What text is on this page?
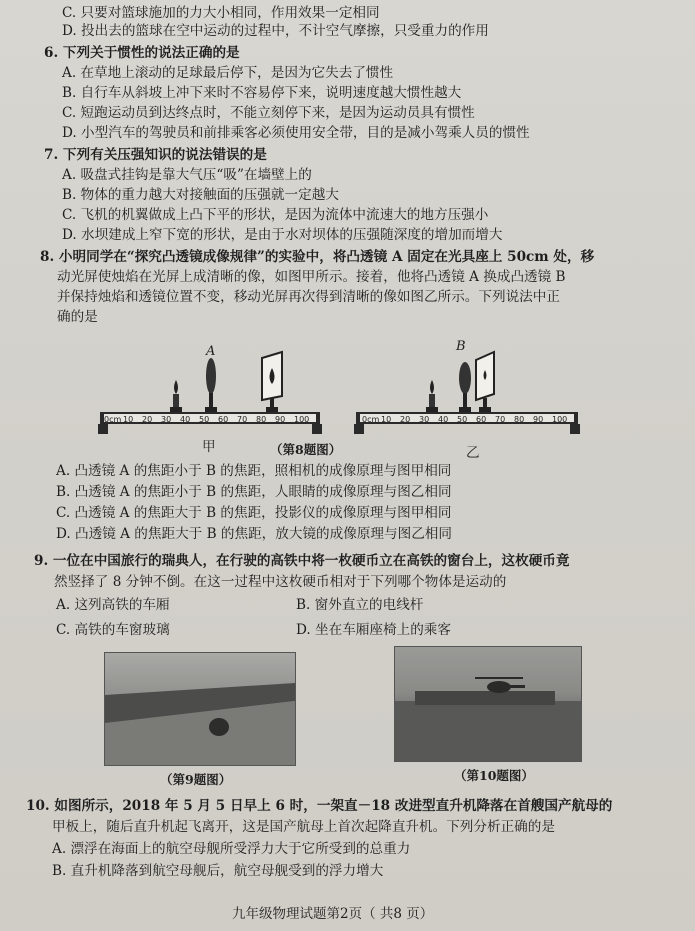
C. 只要对篮球施加的力大小相同，作用效果一定相同
D. 投出去的篮球在空中运动的过程中，不计空气摩擦，只受重力的作用
6. 下列关于惯性的说法正确的是
A. 在草地上滚动的足球最后停下，是因为它失去了惯性
B. 自行车从斜坡上冲下来时不容易停下来，说明速度越大惯性越大
C. 短跑运动员到达终点时，不能立刻停下来，是因为运动员具有惯性
D. 小型汽车的驾驶员和前排乘客必须使用安全带，目的是减小驾乘人员的惯性
7. 下列有关压强知识的说法错误的是
A. 吸盘式挂钩是靠大气压“吸”在墙壁上的
B. 物体的重力越大对接触面的压强就一定越大
C. 飞机的机翼做成上凸下平的形状，是因为流体中流速大的地方压强小
D. 水坝建成上窄下宽的形状，是由于水对坝体的压强随深度的增加而增大
8. 小明同学在“探究凸透镜成像规律”的实验中，将凸透镜 A 固定在光具座上 50cm 处，移
动光屏使烛焰在光屏上成清晰的像，如图甲所示。接着，他将凸透镜 A 换成凸透镜 B
并保持烛焰和透镜位置不变，移动光屏再次得到清晰的像如图乙所示。下列说法中正
确的是
A
0cm 10 20 30 40 50 60 70 80 90 100
B
0cm 10 20 30 40 50 60 70 80 90 100
甲	（第8题图）	乙
A. 凸透镜 A 的焦距小于 B 的焦距，照相机的成像原理与图甲相同
B. 凸透镜 A 的焦距小于 B 的焦距，人眼睛的成像原理与图乙相同
C. 凸透镜 A 的焦距大于 B 的焦距，投影仪的成像原理与图甲相同
D. 凸透镜 A 的焦距大于 B 的焦距，放大镜的成像原理与图乙相同
9. 一位在中国旅行的瑞典人，在行驶的高铁中将一枚硬币立在高铁的窗台上，这枚硬币竟
然竖择了 8 分钟不倒。在这一过程中这枚硬币相对于下列哪个物体是运动的
A. 这列高铁的车厢	B. 窗外直立的电线杆
C. 高铁的车窗玻璃	D. 坐在车厢座椅上的乘客
（第9题图）	（第10题图）
10. 如图所示，2018 年 5 月 5 日早上 6 时，一架直－18 改进型直升机降落在首艘国产航母的
甲板上，随后直升机起飞离开，这是国产航母上首次起降直升机。下列分析正确的是
A. 漂浮在海面上的航空母舰所受浮力大于它所受到的总重力
B. 直升机降落到航空母舰后，航空母舰受到的浮力增大
九年级物理试题第2页（ 共8 页）
